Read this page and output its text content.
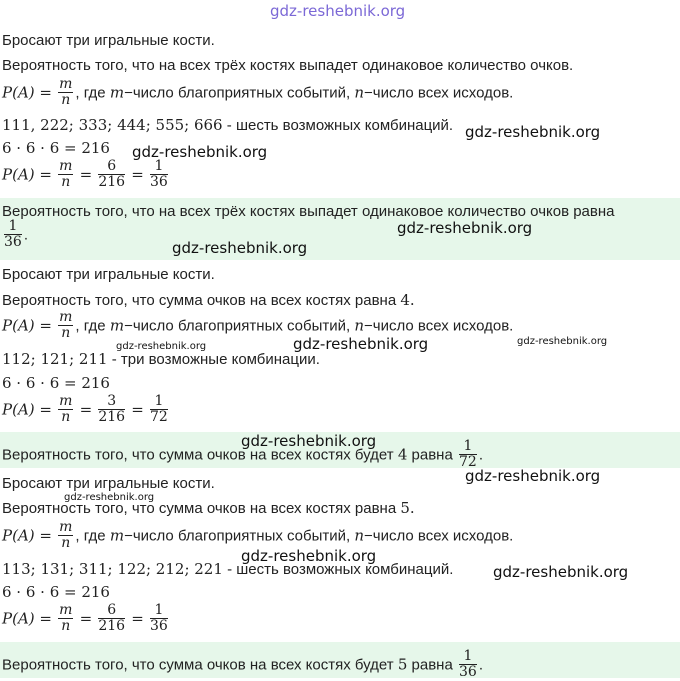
gdz-reshebnik.org
Бросают три игральные кости.
Вероятность того, что на всех трёх костях выпадет одинаковое количество очков.
$P(A) = \frac{m}{n}$ , где m−число благоприятных событий, n−число всех исходов.
111, 222; 333; 444; 555; 666 - шесть возможных комбинаций.
6 · 6 · 6 = 216
$P(A) = \frac{m}{n} = \frac{6}{216} = \frac{1}{36}$
Вероятность того, что на всех трёх костях выпадет одинаковое количество очков равна
$\frac{1}{36}$ .
Бросают три игральные кости.
Вероятность того, что сумма очков на всех костях равна 4.
$P(A) = \frac{m}{n}$ , где m−число благоприятных событий, n−число всех исходов.
112; 121; 211 - три возможные комбинации.
6 · 6 · 6 = 216
$P(A) = \frac{m}{n} = \frac{3}{216} = \frac{1}{72}$
Вероятность того, что сумма очков на всех костях будет 4 равна $\frac{1}{72}$ .
Бросают три игральные кости.
Вероятность того, что сумма очков на всех костях равна 5.
$P(A) = \frac{m}{n}$ , где m−число благоприятных событий, n−число всех исходов.
113; 131; 311; 122; 212; 221 - шесть возможных комбинаций.
6 · 6 · 6 = 216
$P(A) = \frac{m}{n} = \frac{6}{216} = \frac{1}{36}$
Вероятность того, что сумма очков на всех костях будет 5 равна $\frac{1}{36}$ .
gdz-reshebnik.org
gdz-reshebnik.org
gdz-reshebnik.org
gdz-reshebnik.org
gdz-reshebnik.org	gdz-reshebnik.org	gdz-reshebnik.org
gdz-reshebnik.org
gdz-reshebnik.org
gdz-reshebnik.org
gdz-reshebnik.org
gdz-reshebnik.org
